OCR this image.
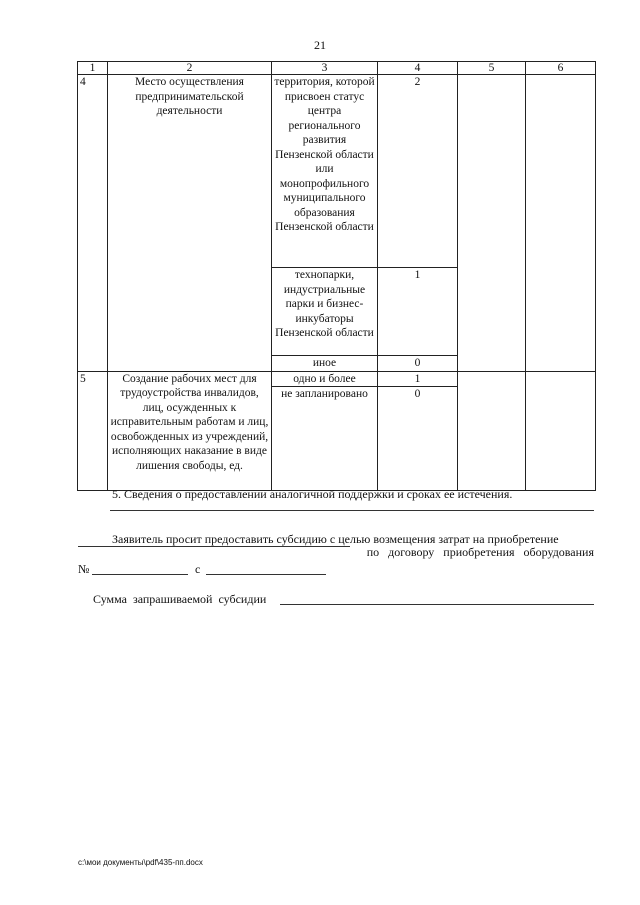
21
1	2	3	4	5	6
4	Место осуществления предпринимательской деятельности	территория, которой присвоен статус центра регионального развития Пензенской области или монопрофильного муниципального образования Пензенской области	2		
		технопарки, индустриальные парки и бизнес-инкубаторы Пензенской области	1		
		иное	0		
5	Создание рабочих мест для трудоустройства инвалидов, лиц, осужденных к исправительным работам и лиц, освобожденных из учреждений, исполняющих наказание в виде лишения свободы, ед.	одно и более	1		
		не запланировано	0		
5. Сведения о предоставлении аналогичной поддержки и сроках ее истечения.
Заявитель просит предоставить субсидию с целью возмещения затрат на приобретение
по договору приобретения оборудования
№	с
Сумма запрашиваемой субсидии
c:\мои документы\pdf\435-пп.docx
